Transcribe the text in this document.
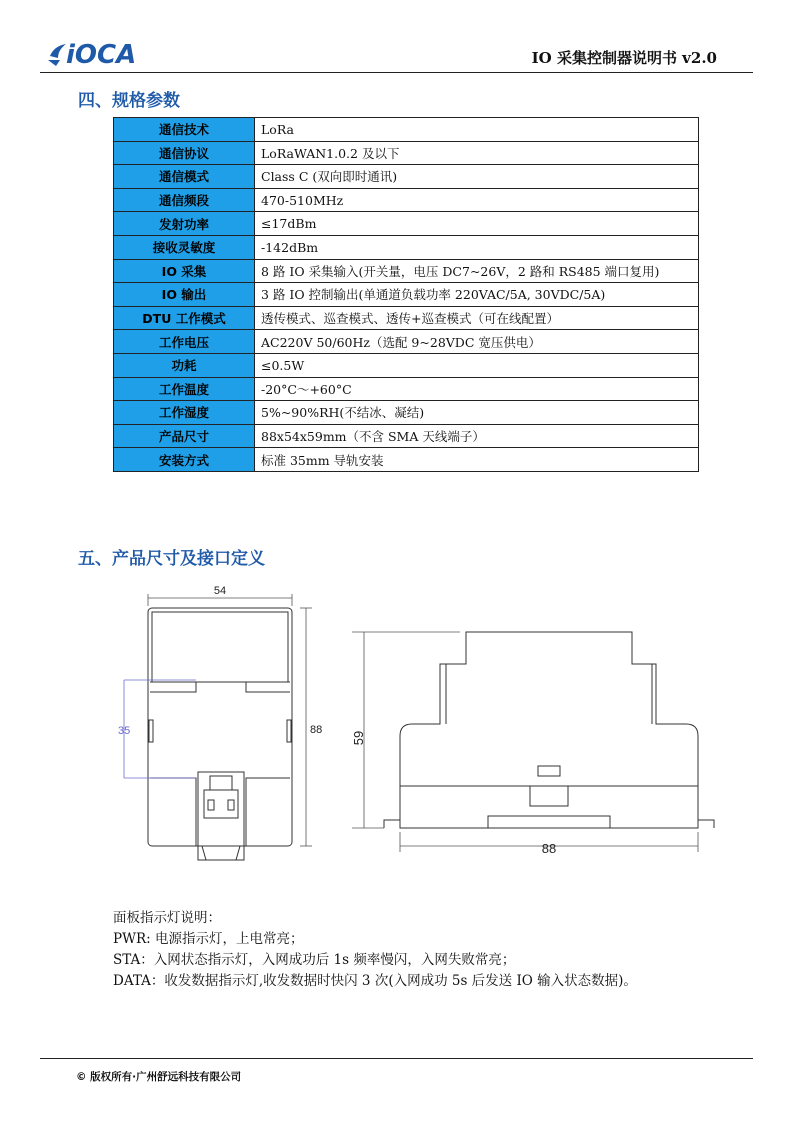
iOCA	IO 采集控制器说明书 v2.0
四、规格参数
通信技术	LoRa
通信协议	LoRaWAN1.0.2 及以下
通信模式	Class C (双向即时通讯)
通信频段	470-510MHz
发射功率	≤17dBm
接收灵敏度	-142dBm
IO 采集	8 路 IO 采集输入(开关量，电压 DC7~26V，2 路和 RS485 端口复用)
IO 输出	3 路 IO 控制输出(单通道负载功率 220VAC/5A, 30VDC/5A)
DTU 工作模式	透传模式、巡查模式、透传+巡查模式（可在线配置）
工作电压	AC220V 50/60Hz（选配 9~28VDC 宽压供电）
功耗	≤0.5W
工作温度	-20°C～+60°C
工作湿度	5%~90%RH(不结冰、凝结)
产品尺寸	88x54x59mm（不含 SMA 天线端子）
安装方式	标准 35mm 导轨安装
五、产品尺寸及接口定义
54
88
35	59
88
面板指示灯说明：
PWR: 电源指示灯，上电常亮；
STA：入网状态指示灯，入网成功后 1s 频率慢闪，入网失败常亮；
DATA：收发数据指示灯,收发数据时快闪 3 次(入网成功 5s 后发送 IO 输入状态数据)。
© 版权所有·广州舒远科技有限公司
